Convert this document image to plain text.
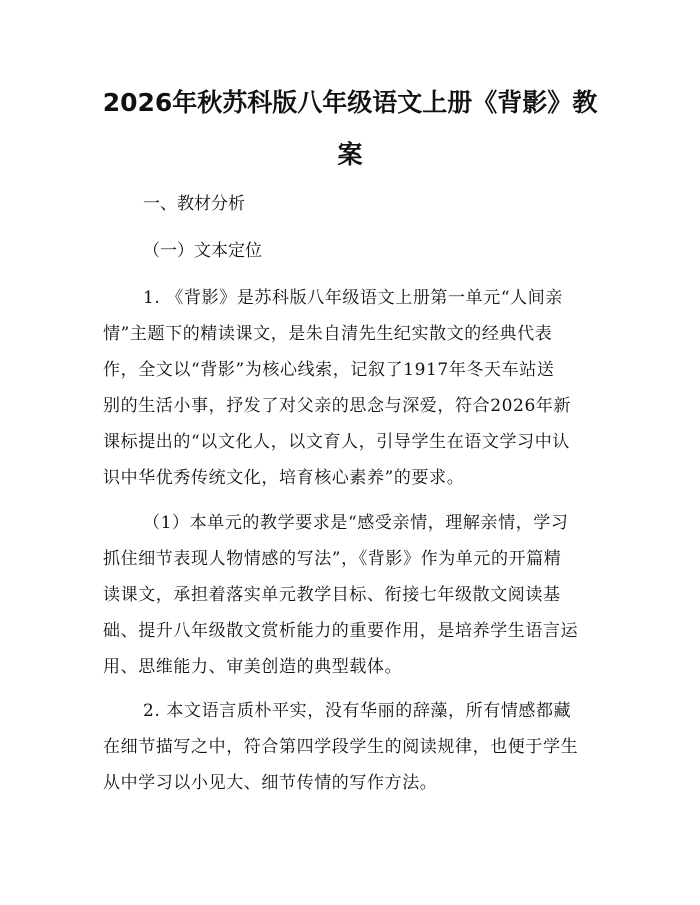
2026年秋苏科版八年级语文上册《背影》教
案

一、教材分析

（一）文本定位

1. 《背影》是苏科版八年级语文上册第一单元“人间亲
情”主题下的精读课文，是朱自清先生纪实散文的经典代表
作，全文以“背影”为核心线索，记叙了1917年冬天车站送
别的生活小事，抒发了对父亲的思念与深爱，符合2026年新
课标提出的“以文化人，以文育人，引导学生在语文学习中认
识中华优秀传统文化，培育核心素养”的要求。
（1）本单元的教学要求是“感受亲情，理解亲情，学习
抓住细节表现人物情感的写法”，《背影》作为单元的开篇精
读课文，承担着落实单元教学目标、衔接七年级散文阅读基
础、提升八年级散文赏析能力的重要作用，是培养学生语言运
用、思维能力、审美创造的典型载体。
2. 本文语言质朴平实，没有华丽的辞藻，所有情感都藏
在细节描写之中，符合第四学段学生的阅读规律，也便于学生
从中学习以小见大、细节传情的写作方法。
